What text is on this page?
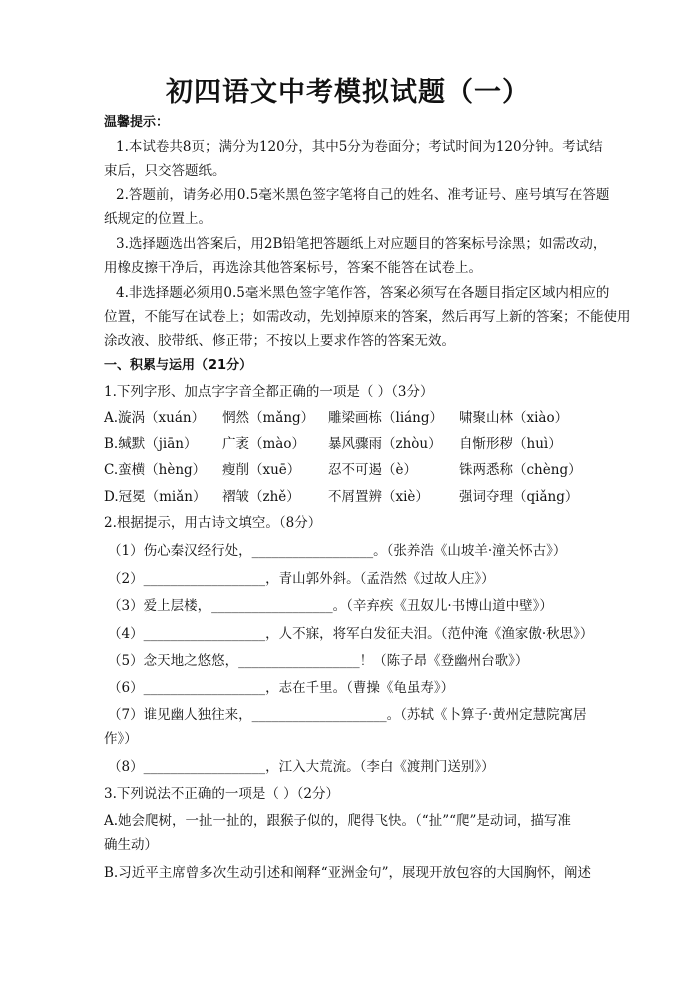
初四语文中考模拟试题（一）
温馨提示：
1.本试卷共8页；满分为120分，其中5分为卷面分；考试时间为120分钟。考试结
束后，只交答题纸。
2.答题前，请务必用0.5毫米黑色签字笔将自己的姓名、准考证号、座号填写在答题
纸规定的位置上。
3.选择题选出答案后，用2B铅笔把答题纸上对应题目的答案标号涂黑；如需改动，
用橡皮擦干净后，再选涂其他答案标号，答案不能答在试卷上。
4.非选择题必须用0.5毫米黑色签字笔作答，答案必须写在各题目指定区域内相应的
位置，不能写在试卷上；如需改动，先划掉原来的答案，然后再写上新的答案；不能使用
涂改液、胶带纸、修正带；不按以上要求作答的答案无效。
一、积累与运用（21分）
1.下列字形、加点字字音全都正确的一项是（ ）（3分）
A.漩涡（xuán） 惘然（mǎng） 雕梁画栋（liáng） 啸聚山林（xiào）
B.缄默（jiān） 广袤（mào） 暴风骤雨（zhòu） 自惭形秽（huì）
C.蛮横（hèng） 瘦削（xuē） 忍不可遏（è）	铢两悉称（chèng）
D.冠冕（miǎn） 褶皱（zhě） 不屑置辨（xiè） 强词夺理（qiǎng）
2.根据提示，用古诗文填空。（8分）
（1）伤心秦汉经行处，__________________。（张养浩《山坡羊·潼关怀古》）
（2）__________________，青山郭外斜。（孟浩然《过故人庄》）
（3）爱上层楼，__________________。（辛弃疾《丑奴儿·书博山道中壁》）
（4）__________________，人不寐，将军白发征夫泪。（范仲淹《渔家傲·秋思》）
（5）念天地之悠悠，__________________！（陈子昂《登幽州台歌》）
（6）__________________，志在千里。（曹操《龟虽寿》）
（7）谁见幽人独往来，____________________。（苏轼《卜算子·黄州定慧院寓居
作》）
（8）__________________，江入大荒流。（李白《渡荆门送别》）
3.下列说法不正确的一项是（ ）（2分）
A.她会爬树，一扯一扯的，跟猴子似的，爬得飞快。（“扯”“爬”是动词，描写准
确生动）
B.习近平主席曾多次生动引述和阐释“亚洲金句”，展现开放包容的大国胸怀，阐述
